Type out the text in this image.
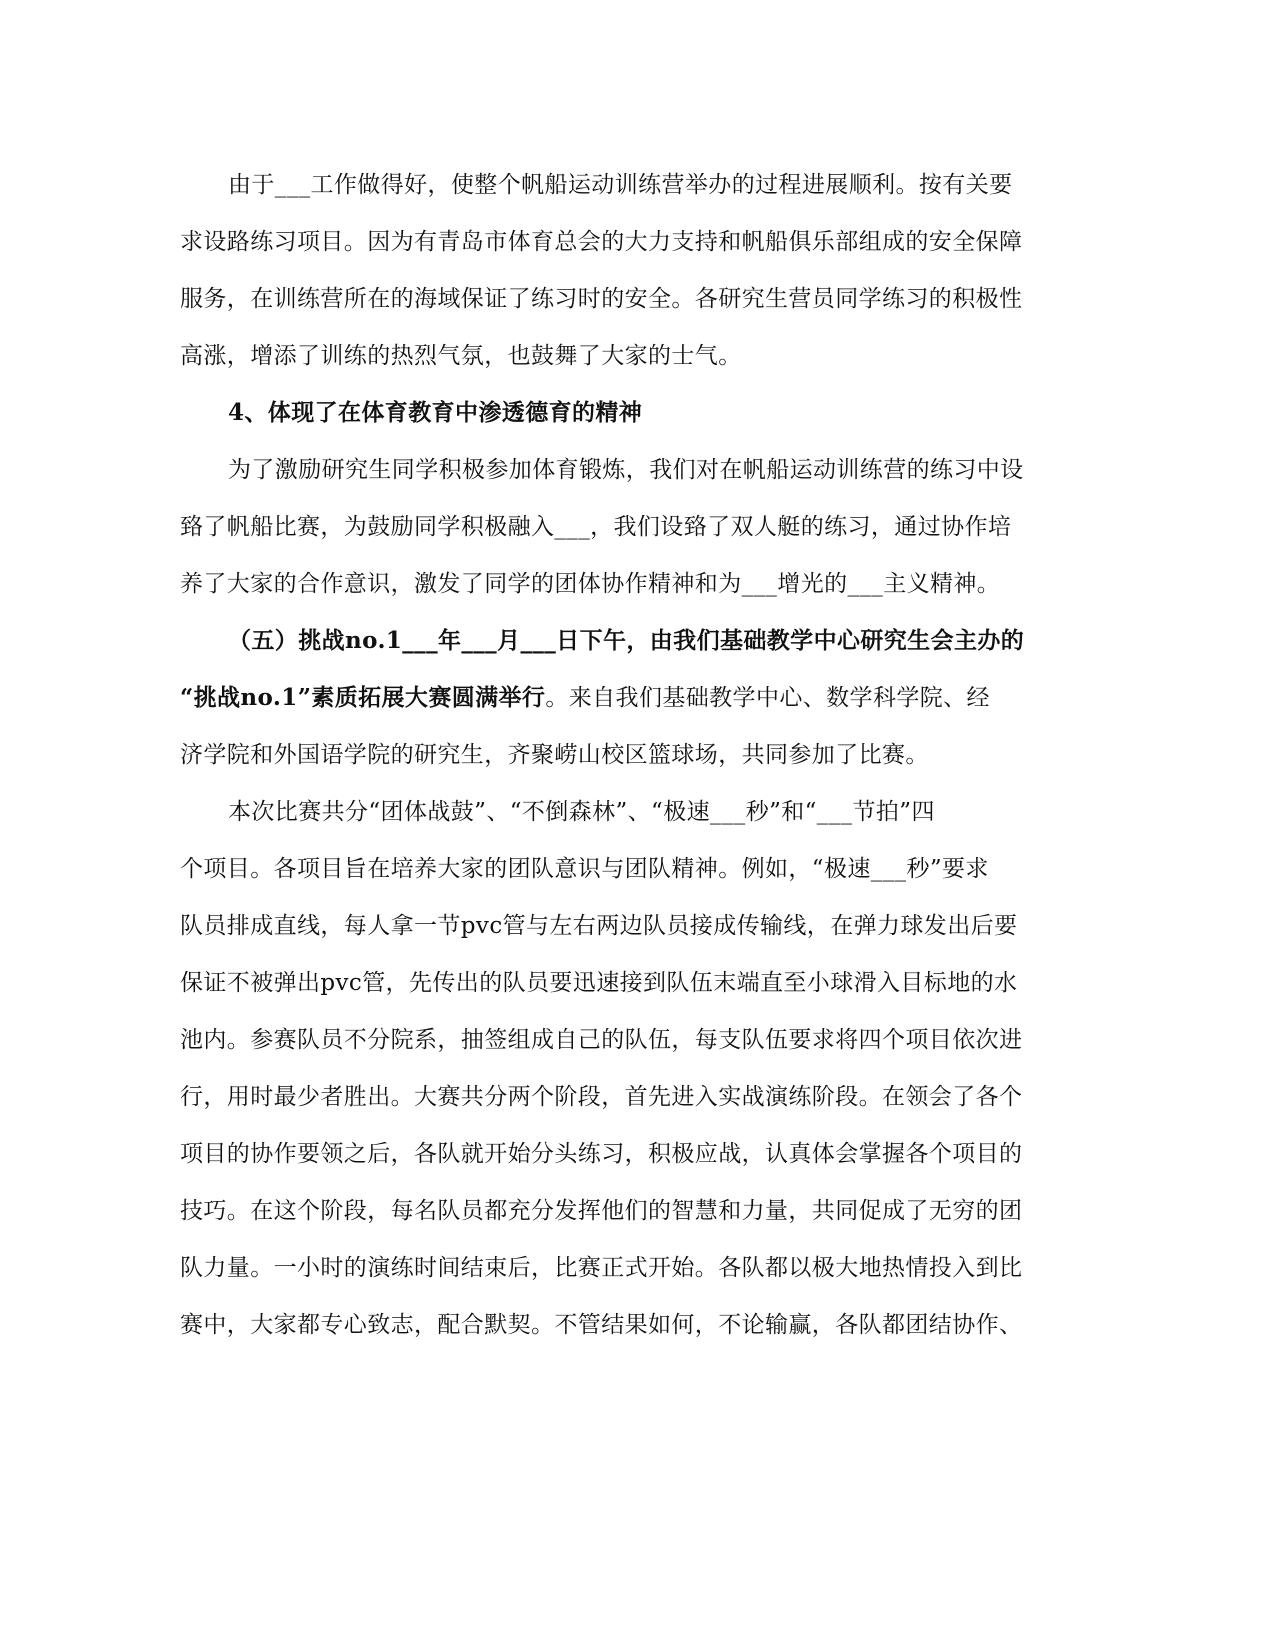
由于___工作做得好，使整个帆船运动训练营举办的过程进展顺利。按有关要
求设路练习项目。因为有青岛市体育总会的大力支持和帆船俱乐部组成的安全保障
服务，在训练营所在的海域保证了练习时的安全。各研究生营员同学练习的积极性
高涨，增添了训练的热烈气氛，也鼓舞了大家的士气。
4、体现了在体育教育中渗透德育的精神
为了激励研究生同学积极参加体育锻炼，我们对在帆船运动训练营的练习中设
臵了帆船比赛，为鼓励同学积极融入___，我们设臵了双人艇的练习，通过协作培
养了大家的合作意识，激发了同学的团体协作精神和为___增光的___主义精神。
（五）挑战no.1___年___月___日下午，由我们基础教学中心研究生会主办的
“挑战no.1”素质拓展大赛圆满举行。来自我们基础教学中心、数学科学院、经
济学院和外国语学院的研究生，齐聚崂山校区篮球场，共同参加了比赛。
本次比赛共分“团体战鼓”、“不倒森林”、“极速___秒”和“___节拍”四
个项目。各项目旨在培养大家的团队意识与团队精神。例如，“极速___秒”要求
队员排成直线，每人拿一节pvc管与左右两边队员接成传输线，在弹力球发出后要
保证不被弹出pvc管，先传出的队员要迅速接到队伍末端直至小球滑入目标地的水
池内。参赛队员不分院系，抽签组成自己的队伍，每支队伍要求将四个项目依次进
行，用时最少者胜出。大赛共分两个阶段，首先进入实战演练阶段。在领会了各个
项目的协作要领之后，各队就开始分头练习，积极应战，认真体会掌握各个项目的
技巧。在这个阶段，每名队员都充分发挥他们的智慧和力量，共同促成了无穷的团
队力量。一小时的演练时间结束后，比赛正式开始。各队都以极大地热情投入到比
赛中，大家都专心致志，配合默契。不管结果如何，不论输赢，各队都团结协作、
